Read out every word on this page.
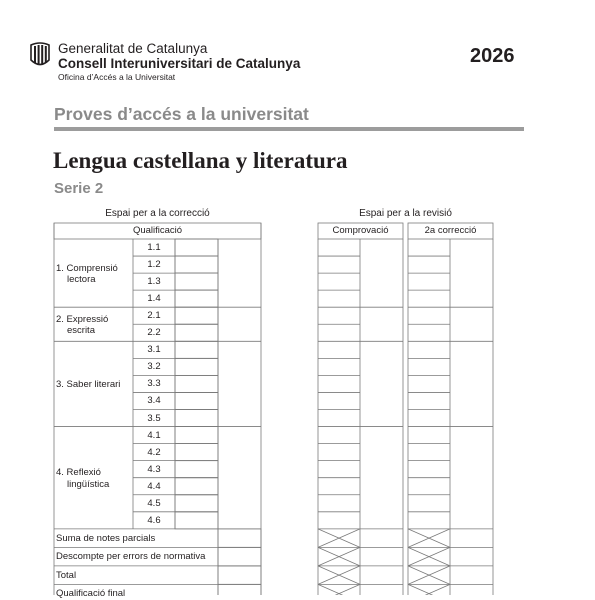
Generalitat de Catalunya
Consell Interuniversitari de Catalunya
Oficina d’Accés a la Universitat
2026
Proves d’accés a la universitat
Lengua castellana y literatura
Serie 2
Espai per a la correcció	Espai per a la revisió
Qualificació
1. Comprensió
lectora
1.1
1.2
1.3
1.4
2. Expressió
escrita
2.1
2.2
3. Saber literari
3.1
3.2
3.3
3.4
3.5
4. Reflexió
lingüística
4.1
4.2
4.3
4.4
4.5
4.6
Suma de notes parcials
Descompte per errors de normativa
Total
Qualificació final
Comprovació	2a correcció
